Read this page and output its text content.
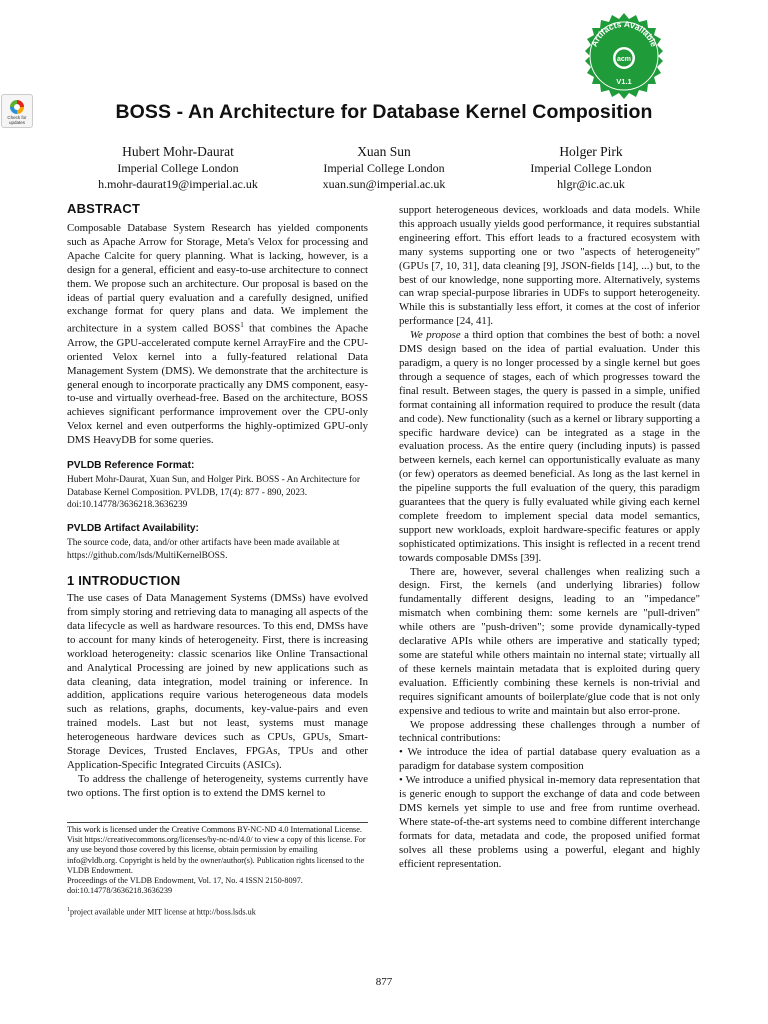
Check for updates
Artifacts Available
acm
V1.1
BOSS - An Architecture for Database Kernel Composition
Hubert Mohr-Daurat
Imperial College London
h.mohr-daurat19@imperial.ac.uk
Xuan Sun
Imperial College London
xuan.sun@imperial.ac.uk
Holger Pirk
Imperial College London
hlgr@ic.ac.uk
ABSTRACT

Composable Database System Research has yielded components such as Apache Arrow for Storage, Meta's Velox for processing and Apache Calcite for query planning. What is lacking, however, is a design for a general, efficient and easy-to-use architecture to connect them. We propose such an architecture. Our proposal is based on the ideas of partial query evaluation and a carefully designed, unified exchange format for query plans and data. We implement the architecture in a system called BOSS$^1$ that combines the Apache Arrow, the GPU-accelerated compute kernel ArrayFire and the CPU-oriented Velox kernel into a fully-featured relational Data Management System (DMS). We demonstrate that the architecture is general enough to incorporate practically any DMS component, easy-to-use and virtually overhead-free. Based on the architecture, BOSS achieves significant performance improvement over the CPU-only Velox kernel and even outperforms the highly-optimized GPU-only DMS HeavyDB for some queries.

PVLDB Reference Format:

Hubert Mohr-Daurat, Xuan Sun, and Holger Pirk. BOSS - An Architecture for Database Kernel Composition. PVLDB, 17(4): 877 - 890, 2023. doi:10.14778/3636218.3636239

PVLDB Artifact Availability:

The source code, data, and/or other artifacts have been made available at https://github.com/lsds/MultiKernelBOSS.

1 INTRODUCTION

The use cases of Data Management Systems (DMSs) have evolved from simply storing and retrieving data to managing all aspects of the data lifecycle as well as hardware resources. To this end, DMSs have to account for many kinds of heterogeneity. First, there is increasing workload heterogeneity: classic scenarios like Online Transactional and Analytical Processing are joined by new applications such as data cleaning, data integration, model training or inference. In addition, applications require various heterogeneous data models such as relations, graphs, documents, key-value-pairs and even trained models. Last but not least, systems must manage heterogeneous hardware devices such as CPUs, GPUs, Smart-Storage Devices, Trusted Enclaves, FPGAs, TPUs and other Application-Specific Integrated Circuits (ASICs).

To address the challenge of heterogeneity, systems currently have two options. The first option is to extend the DMS kernel to

support heterogeneous devices, workloads and data models. While this approach usually yields good performance, it requires substantial engineering effort. This effort leads to a fractured ecosystem with many systems supporting one or two "aspects of heterogeneity" (GPUs [7, 10, 31], data cleaning [9], JSON-fields [14], ...) but, to the best of our knowledge, none supporting more. Alternatively, systems can wrap special-purpose libraries in UDFs to support heterogeneity. While this is substantially less effort, it comes at the cost of inferior performance [24, 41].

We propose a third option that combines the best of both: a novel DMS design based on the idea of partial evaluation. Under this paradigm, a query is no longer processed by a single kernel but goes through a sequence of stages, each of which progresses toward the final result. Between stages, the query is passed in a simple, unified format containing all information required to produce the result (data and code). New functionality (such as a kernel or library supporting a specific hardware device) can be integrated as a stage in the evaluation process. As the entire query (including inputs) is passed between kernels, each kernel can opportunistically evaluate as many (or few) operators as deemed beneficial. As long as the last kernel in the pipeline supports the full evaluation of the query, this paradigm guarantees that the query is fully evaluated while giving each kernel complete freedom to implement special data model semantics, support new workloads, exploit hardware-specific features or apply sophisticated optimizations. This insight is reflected in a recent trend towards composable DMSs [39].

There are, however, several challenges when realizing such a design. First, the kernels (and underlying libraries) follow fundamentally different designs, leading to an "impedance" mismatch when combining them: some kernels are "pull-driven" while others are "push-driven"; some provide dynamically-typed declarative APIs while others are imperative and statically typed; some are stateful while others maintain no internal state; virtually all of these kernels maintain metadata that is exploited during query evaluation. Efficiently combining these kernels is non-trivial and requires significant amounts of boilerplate/glue code that is not only expensive and tedious to write and maintain but also error-prone.

We propose addressing these challenges through a number of technical contributions:

• We introduce the idea of partial database query evaluation as a paradigm for database system composition

• We introduce a unified physical in-memory data representation that is generic enough to support the exchange of data and code between DMS kernels yet simple to use and free from runtime overhead. Where state-of-the-art systems need to combine different interchange formats for data, metadata and code, the proposed unified format solves all these problems using a powerful, elegant and highly efficient representation.

This work is licensed under the Creative Commons BY-NC-ND 4.0 International License. Visit https://creativecommons.org/licenses/by-nc-nd/4.0/ to view a copy of this license. For any use beyond those covered by this license, obtain permission by emailing info@vldb.org. Copyright is held by the owner/author(s). Publication rights licensed to the VLDB Endowment.

Proceedings of the VLDB Endowment, Vol. 17, No. 4 ISSN 2150-8097.

doi:10.14778/3636218.3636239

$^1$project available under MIT license at http://boss.lsds.uk
877
